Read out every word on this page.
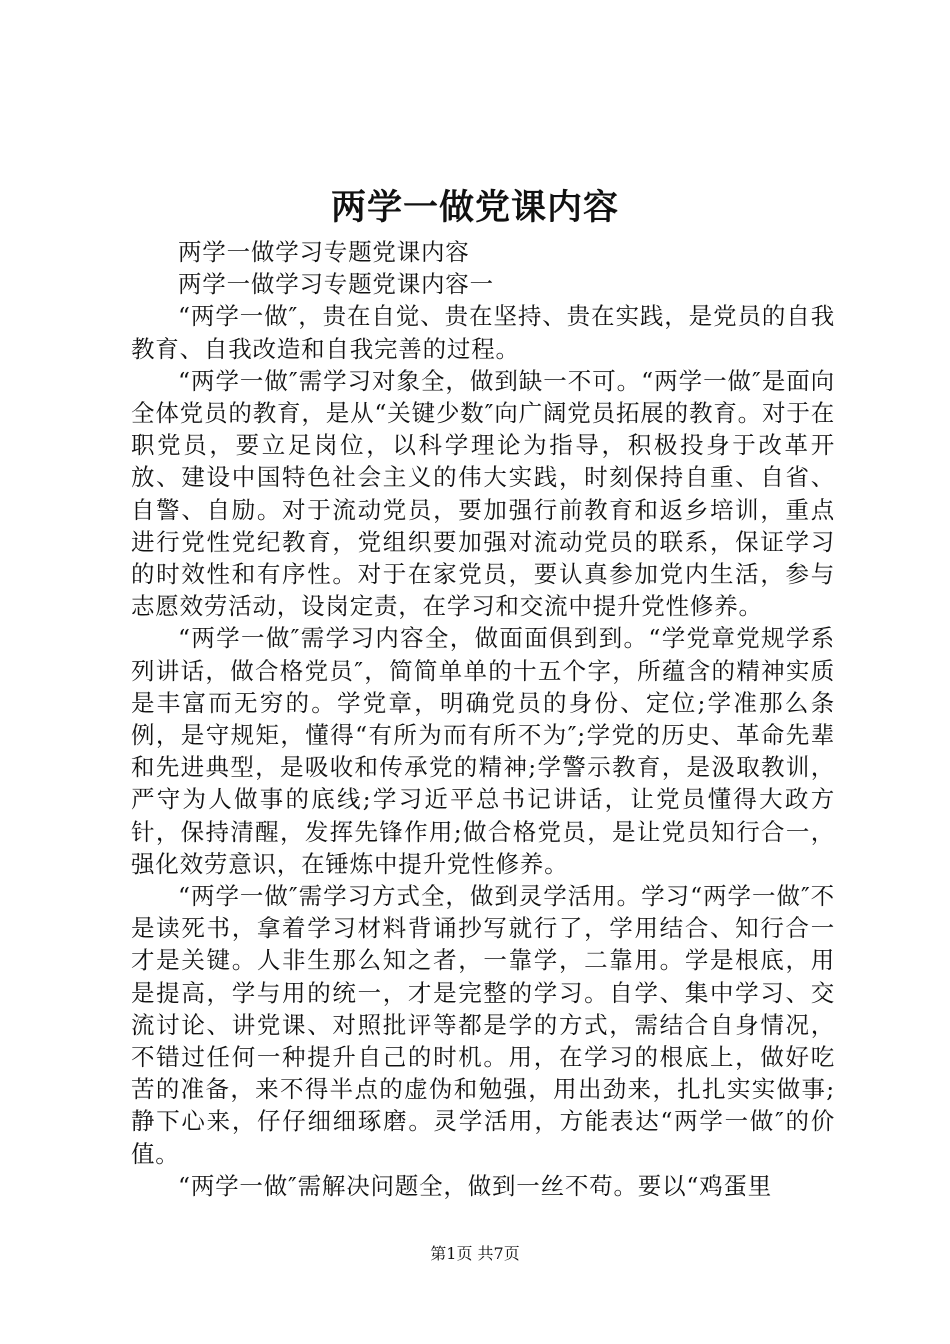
两学一做党课内容

两学一做学习专题党课内容

两学一做学习专题党课内容一

“两学一做″，贵在自觉、贵在坚持、贵在实践，是党员的自我教育、自我改造和自我完善的过程。

“两学一做″需学习对象全，做到缺一不可。“两学一做″是面向全体党员的教育，是从“关键少数″向广阔党员拓展的教育。对于在职党员，要立足岗位，以科学理论为指导，积极投身于改革开放、建设中国特色社会主义的伟大实践，时刻保持自重、自省、自警、自励。对于流动党员，要加强行前教育和返乡培训，重点进行党性党纪教育，党组织要加强对流动党员的联系，保证学习的时效性和有序性。对于在家党员，要认真参加党内生活，参与志愿效劳活动，设岗定责，在学习和交流中提升党性修养。

“两学一做″需学习内容全，做面面俱到到。“学党章党规学系列讲话，做合格党员″，简简单单的十五个字，所蕴含的精神实质是丰富而无穷的。学党章，明确党员的身份、定位;学准那么条例，是守规矩，懂得“有所为而有所不为″;学党的历史、革命先辈和先进典型，是吸收和传承党的精神;学警示教育，是汲取教训，严守为人做事的底线;学习近平总书记讲话，让党员懂得大政方针，保持清醒，发挥先锋作用;做合格党员，是让党员知行合一，强化效劳意识，在锤炼中提升党性修养。

“两学一做″需学习方式全，做到灵学活用。学习“两学一做″不是读死书，拿着学习材料背诵抄写就行了，学用结合、知行合一才是关键。人非生那么知之者，一靠学，二靠用。学是根底，用是提高，学与用的统一，才是完整的学习。自学、集中学习、交流讨论、讲党课、对照批评等都是学的方式，需结合自身情况，不错过任何一种提升自己的时机。用，在学习的根底上，做好吃苦的准备，来不得半点的虚伪和勉强，用出劲来，扎扎实实做事;静下心来，仔仔细细琢磨。灵学活用，方能表达“两学一做″的价值。

“两学一做″需解决问题全，做到一丝不苟。要以“鸡蛋里

第1页 共7页
